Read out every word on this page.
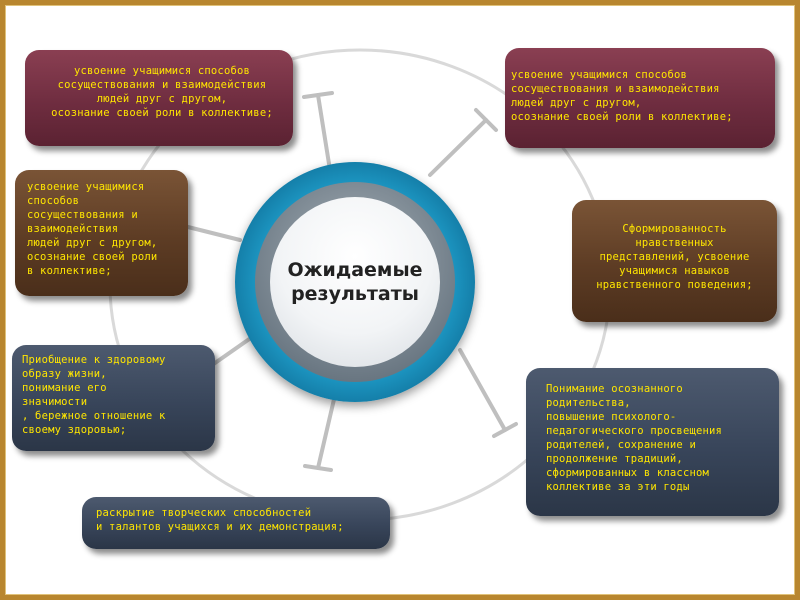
Ожидаемые
результаты
усвоение учащимися способов
сосуществования и взаимодействия
людей друг с другом,
осознание своей роли в коллективе;
усвоение учащимися способов
сосуществования и взаимодействия
людей друг с другом,
осознание своей роли в коллективе;
усвоение учащимися
способов
сосуществования и
взаимодействия
людей друг с другом,
осознание своей роли
в коллективе;
Сформированность
нравственных
представлений, усвоение
учащимися навыков
нравственного поведения;
Приобщение к здоровому
образу жизни,
понимание его
значимости
, бережное отношение к
своему здоровью;
Понимание осознанного
родительства,
повышение психолого-
педагогического просвещения
родителей, сохранение и
продолжение традиций,
сформированных в классном
коллективе за эти годы
раскрытие творческих способностей
и талантов учащихся и их демонстрация;
